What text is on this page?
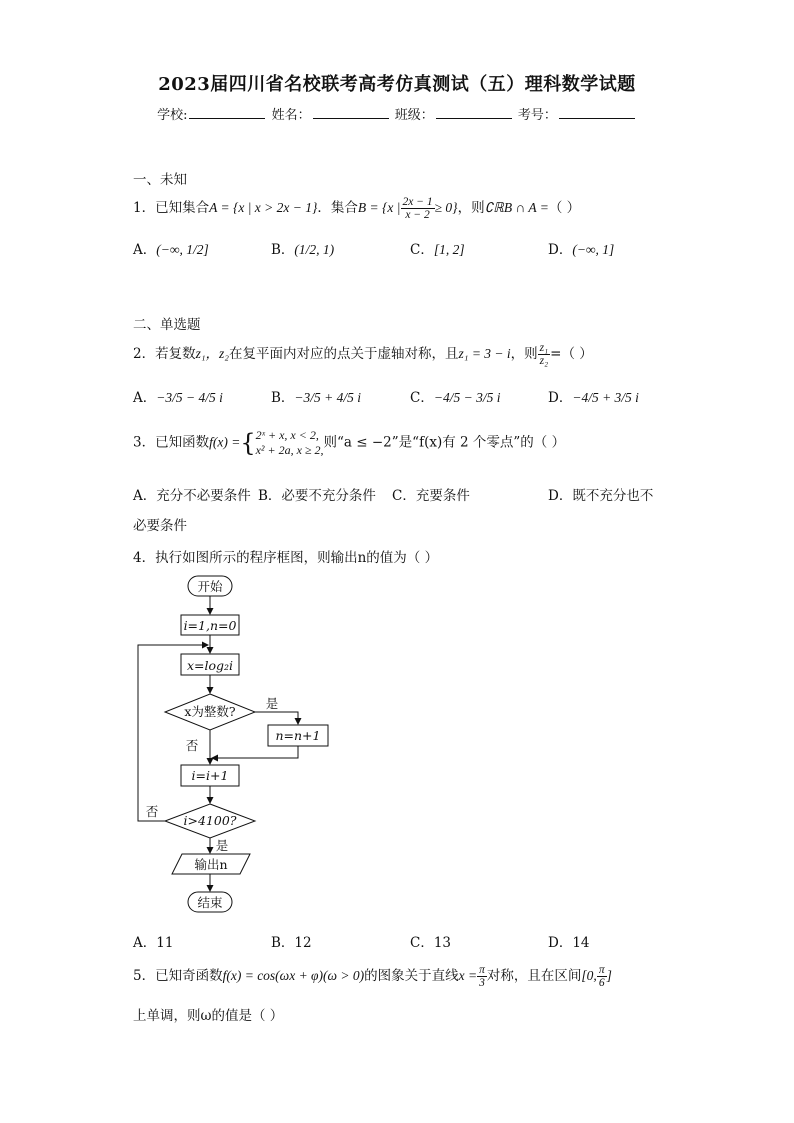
2023届四川省名校联考高考仿真测试（五）理科数学试题
学校:	姓名：	班级：	考号：
一、未知
1．已知集合A = {x | x > 2x − 1}．集合B = {x | $\frac{2x - 1}{x - 2} \ge 0$}，则∁ℝB ∩ A =（ ）
A．(−∞, 1/2]	B．(1/2, 1)	C．[1, 2]	D．(−∞, 1]
二、单选题
2．若复数z₁，z₂在复平面内对应的点关于虚轴对称，且z₁ = 3 − i，则 $\frac{\text{z₁}}{\text{z₂}}$ =（ ）
A．−3/5 − 4/5 i	B．−3/5 + 4/5 i	C．−4/5 − 3/5 i	D．−4/5 + 3/5 i
3．已知函数f(x) ={ 2ˣ + x, x < 2,
x² + 2a, x ≥ 2, 则“a ≤ −2”是“f(x)有 2 个零点”的（ ）
A．充分不必要条件 B．必要不充分条件 C．充要条件	D．既不充分也不
必要条件
4．执行如图所示的程序框图，则输出n的值为（ ）
开始
i=1,n=0
x=log₂i
x为整数?
是
否
n=n+1
i=i+1
i>4100?
否
是
输出n
结束
A．11	B．12	C．13	D．14
5．已知奇函数f(x) = cos(ωx + φ)(ω > 0)的图象关于直线$x = \frac{\pi}{3}$ 对称，且在区间[0, $\frac{\pi}{6}$ ]
上单调，则ω的值是（ ）
